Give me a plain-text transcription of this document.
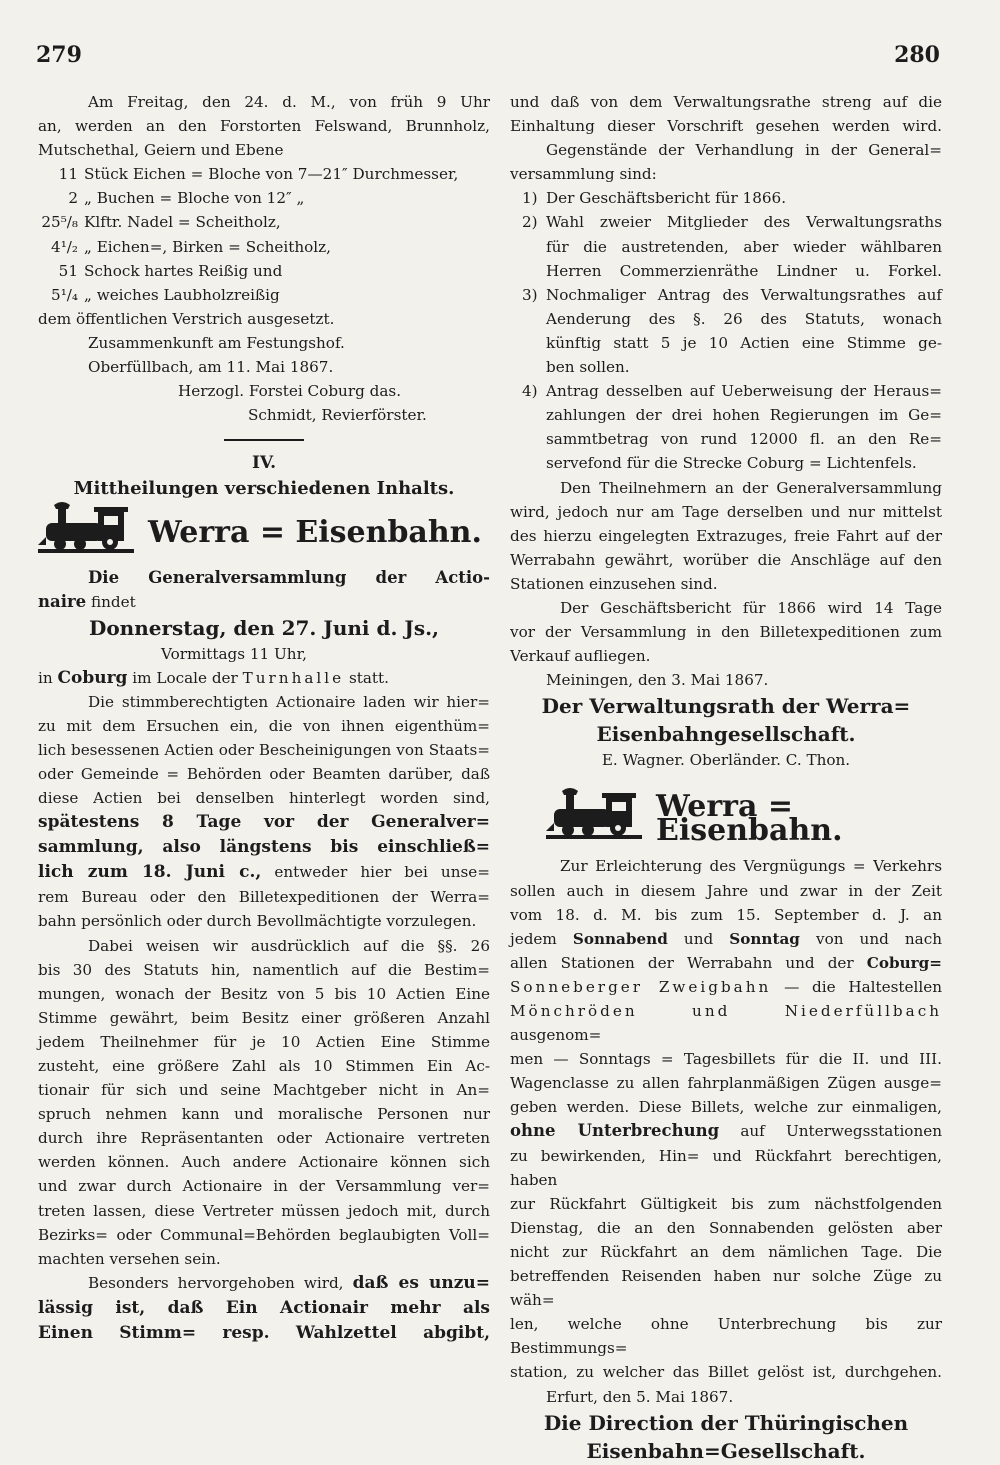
279	280

Am Freitag, den 24. d. M., von früh 9 Uhr

an, werden an den Forstorten Felswand, Brunnholz,

Mutschethal, Geiern und Ebene

11 Stück Eichen = Bloche von 7—21″ Durchmesser,
2 „ Buchen = Bloche von 12″ „
25⁵/₈ Klftr. Nadel = Scheitholz,
4¹/₂ „ Eichen=, Birken = Scheitholz,
51 Schock hartes Reißig und
5¹/₄ „ weiches Laubholzreißig

dem öffentlichen Verstrich ausgesetzt.

Zusammenkunft am Festungshof.

Oberfüllbach, am 11. Mai 1867.

Herzogl. Forstei Coburg das.

Schmidt, Revierförster.

IV.

Mittheilungen verschiedenen Inhalts.

Werra = Eisenbahn.

Die Generalversammlung der Actio-

naire findet

Donnerstag, den 27. Juni d. Js.,

Vormittags 11 Uhr,

in Coburg im Locale der Turnhalle statt.

Die stimmberechtigten Actionaire laden wir hier=

zu mit dem Ersuchen ein, die von ihnen eigenthüm=

lich besessenen Actien oder Bescheinigungen von Staats=

oder Gemeinde = Behörden oder Beamten darüber, daß

diese Actien bei denselben hinterlegt worden sind,

spätestens 8 Tage vor der Generalver=

sammlung, also längstens bis einschließ=

lich zum 18. Juni c., entweder hier bei unse=

rem Bureau oder den Billetexpeditionen der Werra=

bahn persönlich oder durch Bevollmächtigte vorzulegen.

Dabei weisen wir ausdrücklich auf die §§. 26

bis 30 des Statuts hin, namentlich auf die Bestim=

mungen, wonach der Besitz von 5 bis 10 Actien Eine

Stimme gewährt, beim Besitz einer größeren Anzahl

jedem Theilnehmer für je 10 Actien Eine Stimme

zusteht, eine größere Zahl als 10 Stimmen Ein Ac-

tionair für sich und seine Machtgeber nicht in An=

spruch nehmen kann und moralische Personen nur

durch ihre Repräsentanten oder Actionaire vertreten

werden können. Auch andere Actionaire können sich

und zwar durch Actionaire in der Versammlung ver=

treten lassen, diese Vertreter müssen jedoch mit, durch

Bezirks= oder Communal=Behörden beglaubigten Voll=

machten versehen sein.

Besonders hervorgehoben wird, daß es unzu=

lässig ist, daß Ein Actionair mehr als

Einen Stimm= resp. Wahlzettel abgibt,

und daß von dem Verwaltungsrathe streng auf die

Einhaltung dieser Vorschrift gesehen werden wird.

Gegenstände der Verhandlung in der General=

versammlung sind:

1) Der Geschäftsbericht für 1866.

2) Wahl zweier Mitglieder des Verwaltungsraths

für die austretenden, aber wieder wählbaren

Herren Commerzienräthe Lindner u. Forkel.

3) Nochmaliger Antrag des Verwaltungsrathes auf

Aenderung des §. 26 des Statuts, wonach

künftig statt 5 je 10 Actien eine Stimme ge-

ben sollen.

4) Antrag desselben auf Ueberweisung der Heraus=

zahlungen der drei hohen Regierungen im Ge=

sammtbetrag von rund 12000 fl. an den Re=

servefond für die Strecke Coburg = Lichtenfels.

Den Theilnehmern an der Generalversammlung

wird, jedoch nur am Tage derselben und nur mittelst

des hierzu eingelegten Extrazuges, freie Fahrt auf der

Werrabahn gewährt, worüber die Anschläge auf den

Stationen einzusehen sind.

Der Geschäftsbericht für 1866 wird 14 Tage

vor der Versammlung in den Billetexpeditionen zum

Verkauf aufliegen.

Meiningen, den 3. Mai 1867.

Der Verwaltungsrath der Werra=

Eisenbahngesellschaft.

E. Wagner. Oberländer. C. Thon.

Werra = Eisenbahn.

Zur Erleichterung des Vergnügungs = Verkehrs

sollen auch in diesem Jahre und zwar in der Zeit

vom 18. d. M. bis zum 15. September d. J. an

jedem Sonnabend und Sonntag von und nach

allen Stationen der Werrabahn und der Coburg=

Sonneberger Zweigbahn — die Haltestellen

Mönchröden und Niederfüllbach ausgenom=

men — Sonntags = Tagesbillets für die II. und III.

Wagenclasse zu allen fahrplanmäßigen Zügen ausge=

geben werden. Diese Billets, welche zur einmaligen,

ohne Unterbrechung auf Unterwegsstationen

zu bewirkenden, Hin= und Rückfahrt berechtigen, haben

zur Rückfahrt Gültigkeit bis zum nächstfolgenden

Dienstag, die an den Sonnabenden gelösten aber

nicht zur Rückfahrt an dem nämlichen Tage. Die

betreffenden Reisenden haben nur solche Züge zu wäh=

len, welche ohne Unterbrechung bis zur Bestimmungs=

station, zu welcher das Billet gelöst ist, durchgehen.

Erfurt, den 5. Mai 1867.

Die Direction der Thüringischen

Eisenbahn=Gesellschaft.
